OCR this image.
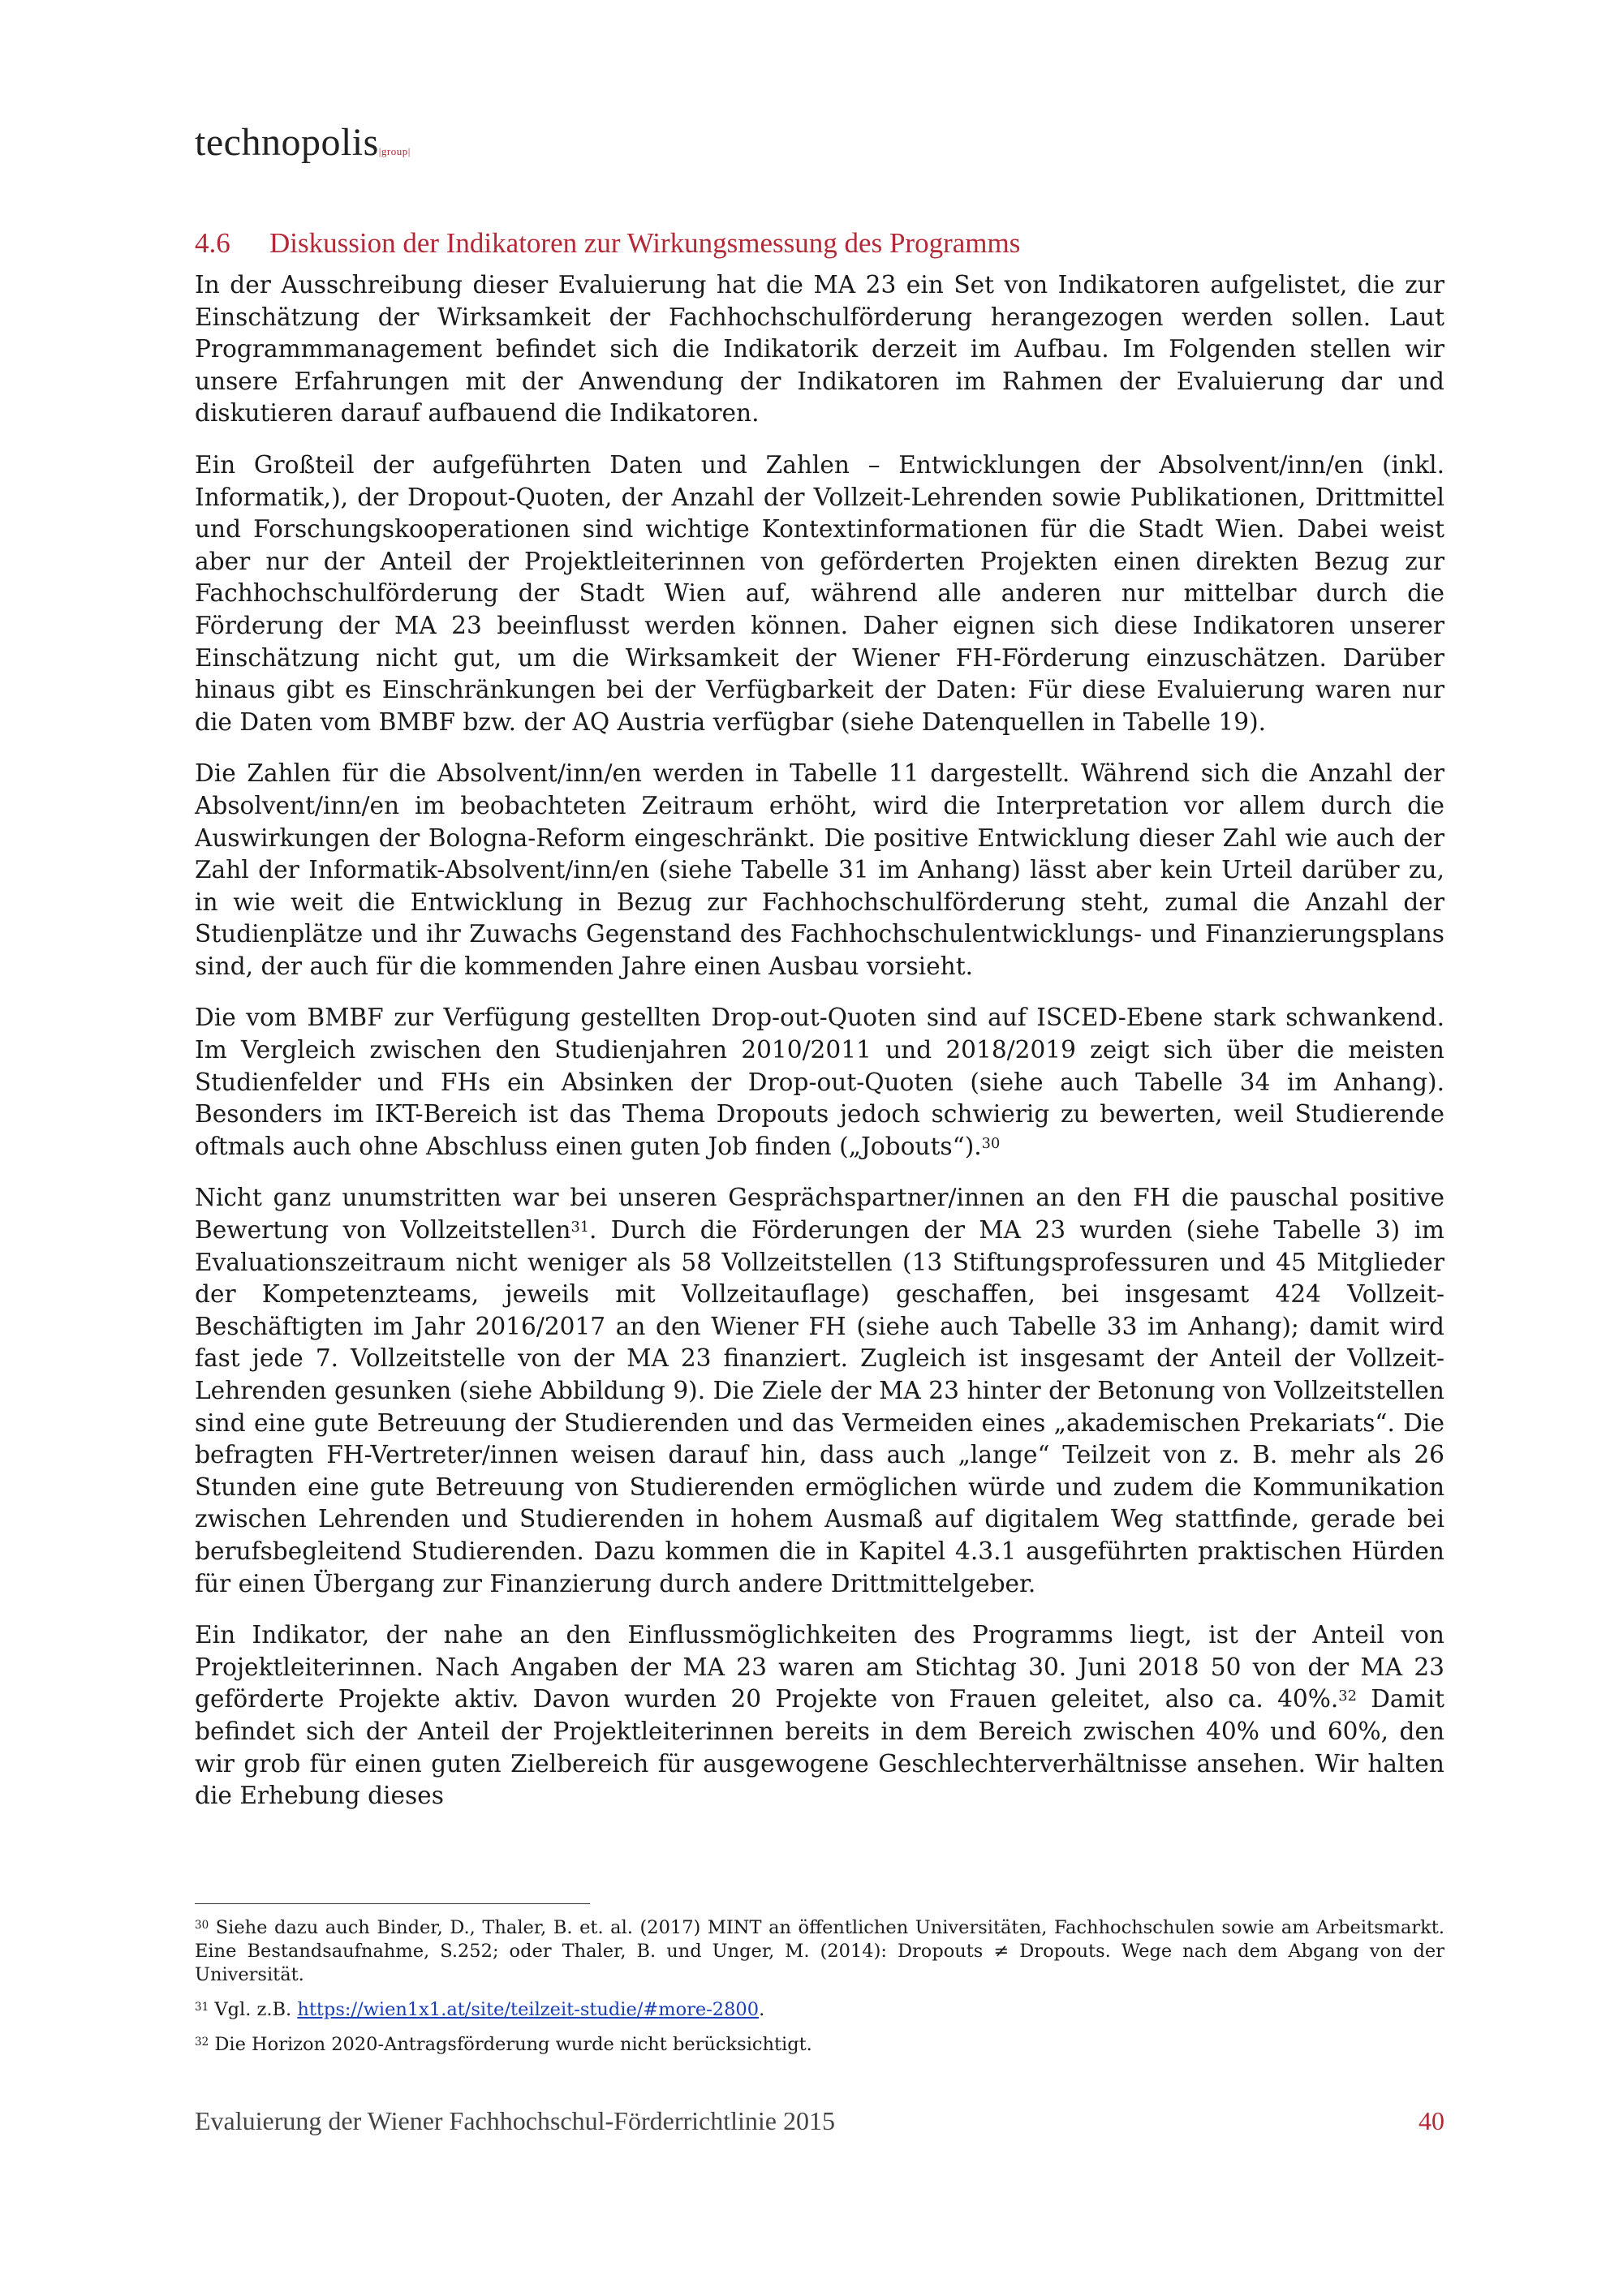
technopolis|group|
4.6 Diskussion der Indikatoren zur Wirkungsmessung des Programms

In der Ausschreibung dieser Evaluierung hat die MA 23 ein Set von Indikatoren aufgelistet, die zur Einschätzung der Wirksamkeit der Fachhochschulförderung herangezogen werden sollen. Laut Programmmanagement befindet sich die Indikatorik derzeit im Aufbau. Im Folgenden stellen wir unsere Erfahrungen mit der Anwendung der Indikatoren im Rahmen der Evaluierung dar und diskutieren darauf aufbauend die Indikatoren.

Ein Großteil der aufgeführten Daten und Zahlen – Entwicklungen der Absolvent/inn/en (inkl. Informatik,), der Dropout-Quoten, der Anzahl der Vollzeit-Lehrenden sowie Publikationen, Drittmittel und Forschungskooperationen sind wichtige Kontextinformationen für die Stadt Wien. Dabei weist aber nur der Anteil der Projektleiterinnen von geförderten Projekten einen direkten Bezug zur Fachhochschulförderung der Stadt Wien auf, während alle anderen nur mittelbar durch die Förderung der MA 23 beeinflusst werden können. Daher eignen sich diese Indikatoren unserer Einschätzung nicht gut, um die Wirksamkeit der Wiener FH-Förderung einzuschätzen. Darüber hinaus gibt es Einschränkungen bei der Verfügbarkeit der Daten: Für diese Evaluierung waren nur die Daten vom BMBF bzw. der AQ Austria verfügbar (siehe Datenquellen in Tabelle 19).

Die Zahlen für die Absolvent/inn/en werden in Tabelle 11 dargestellt. Während sich die Anzahl der Absolvent/inn/en im beobachteten Zeitraum erhöht, wird die Interpretation vor allem durch die Auswirkungen der Bologna-Reform eingeschränkt. Die positive Entwicklung dieser Zahl wie auch der Zahl der Informatik-Absolvent/inn/en (siehe Tabelle 31 im Anhang) lässt aber kein Urteil darüber zu, in wie weit die Entwicklung in Bezug zur Fachhochschulförderung steht, zumal die Anzahl der Studienplätze und ihr Zuwachs Gegenstand des Fachhochschulentwicklungs- und Finanzierungsplans sind, der auch für die kommenden Jahre einen Ausbau vorsieht.

Die vom BMBF zur Verfügung gestellten Drop-out-Quoten sind auf ISCED-Ebene stark schwankend. Im Vergleich zwischen den Studienjahren 2010/2011 und 2018/2019 zeigt sich über die meisten Studienfelder und FHs ein Absinken der Drop-out-Quoten (siehe auch Tabelle 34 im Anhang). Besonders im IKT-Bereich ist das Thema Dropouts jedoch schwierig zu bewerten, weil Studierende oftmals auch ohne Abschluss einen guten Job finden („Jobouts“).$^{30}$

Nicht ganz unumstritten war bei unseren Gesprächspartner/innen an den FH die pauschal positive Bewertung von Vollzeitstellen$^{31}$. Durch die Förderungen der MA 23 wurden (siehe Tabelle 3) im Evaluationszeitraum nicht weniger als 58 Vollzeitstellen (13 Stiftungsprofessuren und 45 Mitglieder der Kompetenzteams, jeweils mit Vollzeitauflage) geschaffen, bei insgesamt 424 Vollzeit-Beschäftigten im Jahr 2016/2017 an den Wiener FH (siehe auch Tabelle 33 im Anhang); damit wird fast jede 7. Vollzeitstelle von der MA 23 finanziert. Zugleich ist insgesamt der Anteil der Vollzeit-Lehrenden gesunken (siehe Abbildung 9). Die Ziele der MA 23 hinter der Betonung von Vollzeitstellen sind eine gute Betreuung der Studierenden und das Vermeiden eines „akademischen Prekariats“. Die befragten FH-Vertreter/innen weisen darauf hin, dass auch „lange“ Teilzeit von z. B. mehr als 26 Stunden eine gute Betreuung von Studierenden ermöglichen würde und zudem die Kommunikation zwischen Lehrenden und Studierenden in hohem Ausmaß auf digitalem Weg stattfinde, gerade bei berufsbegleitend Studierenden. Dazu kommen die in Kapitel 4.3.1 ausgeführten praktischen Hürden für einen Übergang zur Finanzierung durch andere Drittmittelgeber.

Ein Indikator, der nahe an den Einflussmöglichkeiten des Programms liegt, ist der Anteil von Projektleiterinnen. Nach Angaben der MA 23 waren am Stichtag 30. Juni 2018 50 von der MA 23 geförderte Projekte aktiv. Davon wurden 20 Projekte von Frauen geleitet, also ca. 40%.$^{32}$ Damit befindet sich der Anteil der Projektleiterinnen bereits in dem Bereich zwischen 40% und 60%, den wir grob für einen guten Zielbereich für ausgewogene Geschlechterverhältnisse ansehen. Wir halten die Erhebung dieses

$^{30}$ Siehe dazu auch Binder, D., Thaler, B. et. al. (2017) MINT an öffentlichen Universitäten, Fachhochschulen sowie am Arbeitsmarkt. Eine Bestandsaufnahme, S.252; oder Thaler, B. und Unger, M. (2014): Dropouts ≠ Dropouts. Wege nach dem Abgang von der Universität.

$^{31}$ Vgl. z.B. https://wien1x1.at/site/teilzeit-studie/#more-2800.

$^{32}$ Die Horizon 2020-Antragsförderung wurde nicht berücksichtigt.

Evaluierung der Wiener Fachhochschul-Förderrichtlinie 2015	40
